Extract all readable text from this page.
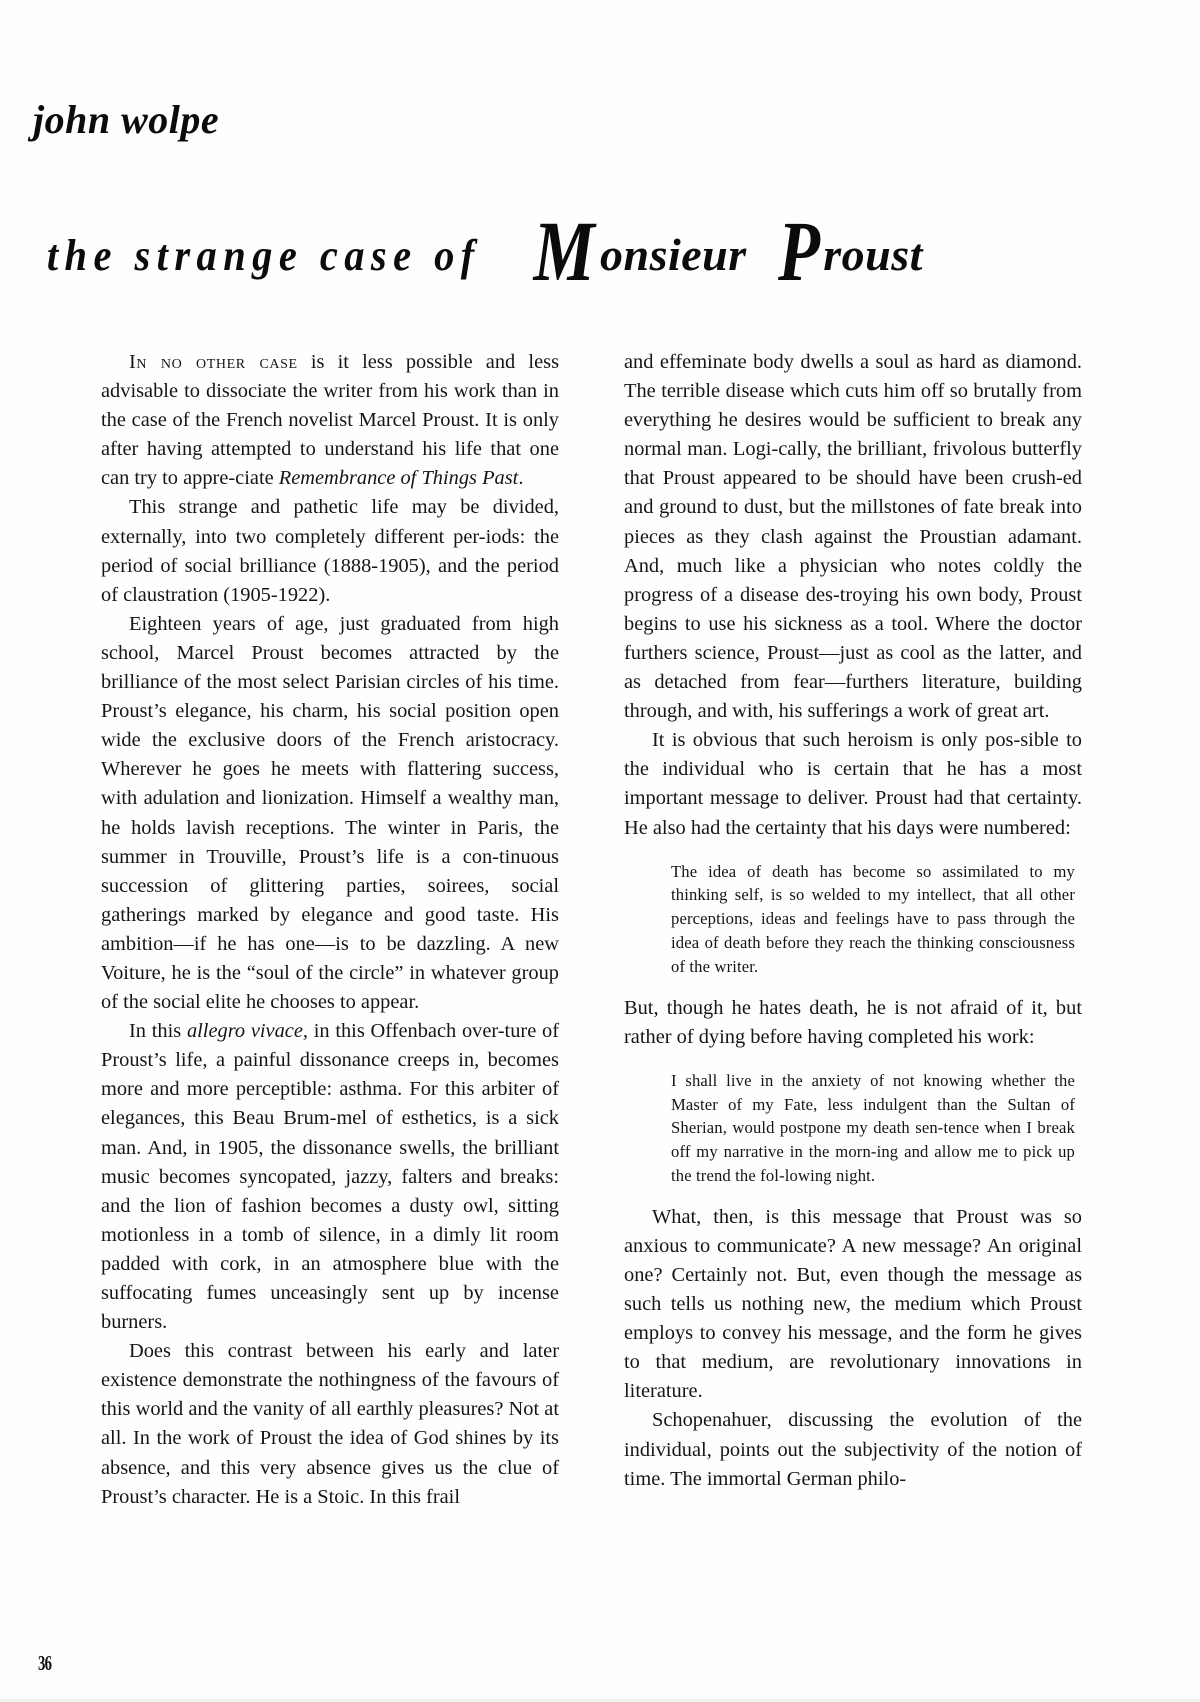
john wolpe
the strange case of M onsieur P roust

In no other case is it less possible and less advisable to dissociate the writer from his work than in the case of the French novelist Marcel Proust. It is only after having attempted to understand his life that one can try to appre-ciate Remembrance of Things Past.

This strange and pathetic life may be divided, externally, into two completely different per-iods: the period of social brilliance (1888-1905), and the period of claustration (1905-1922).

Eighteen years of age, just graduated from high school, Marcel Proust becomes attracted by the brilliance of the most select Parisian circles of his time. Proust’s elegance, his charm, his social position open wide the exclusive doors of the French aristocracy. Wherever he goes he meets with flattering success, with adulation and lionization. Himself a wealthy man, he holds lavish receptions. The winter in Paris, the summer in Trouville, Proust’s life is a con-tinuous succession of glittering parties, soirees, social gatherings marked by elegance and good taste. His ambition—if he has one—is to be dazzling. A new Voiture, he is the “soul of the circle” in whatever group of the social elite he chooses to appear.

In this allegro vivace, in this Offenbach over-ture of Proust’s life, a painful dissonance creeps in, becomes more and more perceptible: asthma. For this arbiter of elegances, this Beau Brum-mel of esthetics, is a sick man. And, in 1905, the dissonance swells, the brilliant music becomes syncopated, jazzy, falters and breaks: and the lion of fashion becomes a dusty owl, sitting motionless in a tomb of silence, in a dimly lit room padded with cork, in an atmosphere blue with the suffocating fumes unceasingly sent up by incense burners.

Does this contrast between his early and later existence demonstrate the nothingness of the favours of this world and the vanity of all earthly pleasures? Not at all. In the work of Proust the idea of God shines by its absence, and this very absence gives us the clue of Proust’s character. He is a Stoic. In this frail

and effeminate body dwells a soul as hard as diamond. The terrible disease which cuts him off so brutally from everything he desires would be sufficient to break any normal man. Logi-cally, the brilliant, frivolous butterfly that Proust appeared to be should have been crush-ed and ground to dust, but the millstones of fate break into pieces as they clash against the Proustian adamant. And, much like a physician who notes coldly the progress of a disease des-troying his own body, Proust begins to use his sickness as a tool. Where the doctor furthers science, Proust—just as cool as the latter, and as detached from fear—furthers literature, building through, and with, his sufferings a work of great art.

It is obvious that such heroism is only pos-sible to the individual who is certain that he has a most important message to deliver. Proust had that certainty. He also had the certainty that his days were numbered:

The idea of death has become so assimilated to my thinking self, is so welded to my intellect, that all other perceptions, ideas and feelings have to pass through the idea of death before they reach the thinking consciousness of the writer.

But, though he hates death, he is not afraid of it, but rather of dying before having completed his work:

I shall live in the anxiety of not knowing whether the Master of my Fate, less indulgent than the Sultan of Sherian, would postpone my death sen-tence when I break off my narrative in the morn-ing and allow me to pick up the trend the fol-lowing night.

What, then, is this message that Proust was so anxious to communicate? A new message? An original one? Certainly not. But, even though the message as such tells us nothing new, the medium which Proust employs to convey his message, and the form he gives to that medium, are revolutionary innovations in literature.

Schopenahuer, discussing the evolution of the individual, points out the subjectivity of the notion of time. The immortal German philo-

36
